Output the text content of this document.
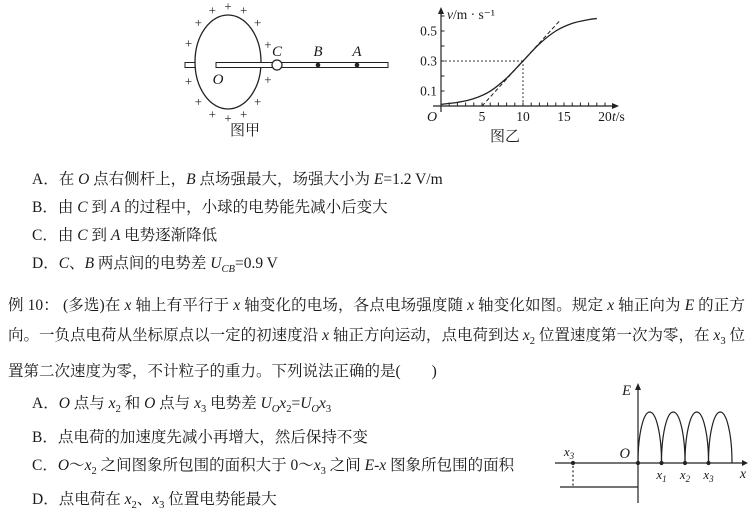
+ +
+
+
+
+
+
+
+
+
+
+
+
+
O
C B A
图甲
5 10 15 20
0.1
0.3
0.5
v/m · s⁻¹
t/s
O
图乙
A．在 O 点右侧杆上，B 点场强最大，场强大小为 E=1.2 V/m
B．由 C 到 A 的过程中，小球的电势能先减小后变大
C．由 C 到 A 电势逐渐降低
D．C、B 两点间的电势差 $U_{CB}=0.9$ V
例 10： (多选)在 x 轴上有平行于 x 轴变化的电场，各点电场强度随 x 轴变化如图。规定 x 轴正向为 E 的正方向。一负点电荷从坐标原点以一定的初速度沿 x 轴正方向运动，点电荷到达 $x_2$ 位置速度第一次为零，在 $x_3$ 位置第二次速度为零，不计粒子的重力。下列说法正确的是(　　)
A．O 点与 $x_2$ 和 O 点与 $x_3$ 电势差 $U_Ox_2=U_Ox_3$
B．点电荷的加速度先减小再增大，然后保持不变
C．$O\sim x_2$ 之间图象所包围的面积大于 $0\sim x_3$ 之间 E-x 图象所包围的面积
D．点电荷在 $x_2$、$x_3$ 位置电势能最大
E
O
$x_1$ $x_2$ $x_3$ x
$x_3$
